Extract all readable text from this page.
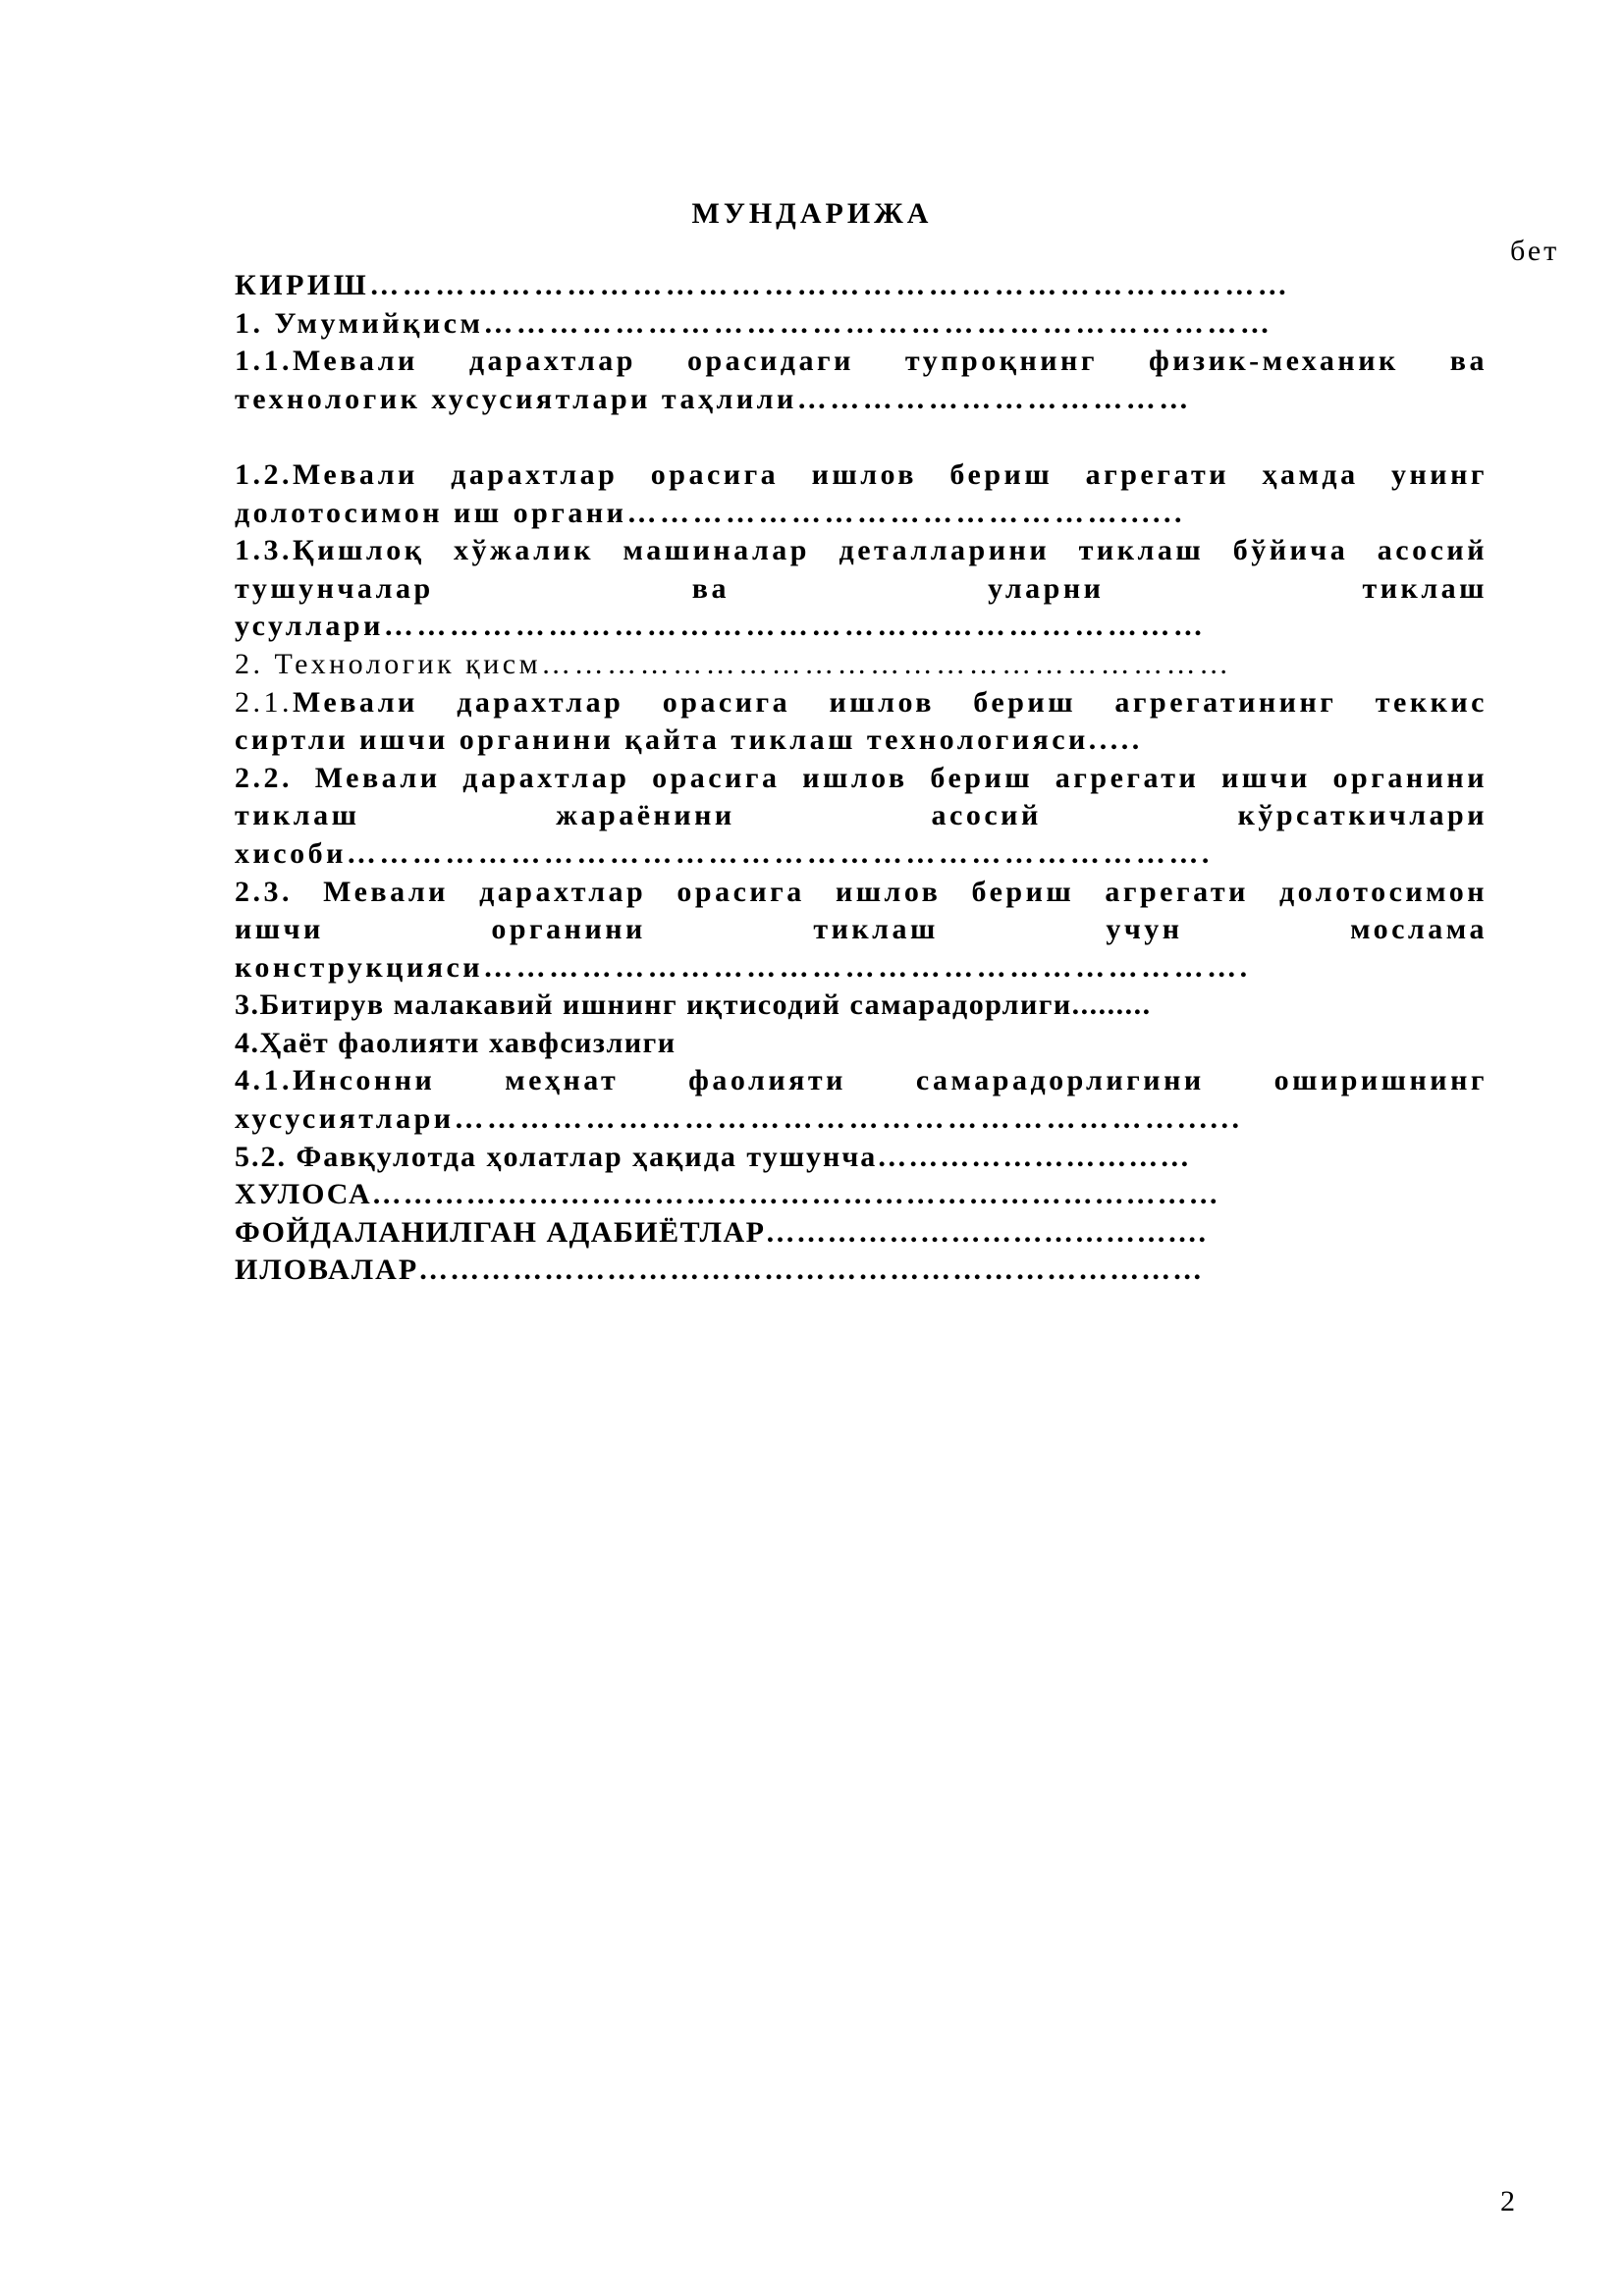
МУНДАРИЖА
бет
КИРИШ…………………………………………………………………………
1. Умумийқисм………………………………………………………………
1.1.Мевали дарахтлар орасидаги тупроқнинг физик-механик ва
технологик хусусиятлари таҳлили………………………………
1.2.Мевали дарахтлар орасига ишлов бериш агрегати ҳамда унинг
долотосимон иш органи………………………………………......
1.3.Қишлоқ хўжалик машиналар деталларини тиклаш бўйича асосий
тушунчалар ва уларни тиклаш
усуллари…………………………………………………………………
2. Технологик қисм………………………………………………………
2.1.Мевали дарахтлар орасига ишлов бериш агрегатининг теккис
сиртли ишчи органини қайта тиклаш технологияси.....
2.2. Мевали дарахтлар орасига ишлов бериш агрегати ишчи органини
тиклаш жараёнини асосий кўрсаткичлари
хисоби…………………………………………………………………….
2.3. Мевали дарахтлар орасига ишлов бериш агрегати долотосимон
ишчи органини тиклаш учун мослама
конструкцияси…………………………………………………………….
3.Битирув малакавий ишнинг иқтисодий самарадорлиги.........
4.Ҳаёт фаолияти хавфсизлиги
4.1.Инсонни меҳнат фаолияти самарадорлигини оширишнинг
хусусиятлари…………………………………………………………......
5.2. Фавқулотда ҳолатлар ҳақида тушунча…………………………
ХУЛОСА………………………………………………………………………
ФОЙДАЛАНИЛГАН АДАБИЁТЛАР…………………………………….
ИЛОВАЛАР…………………………………………………………………
2
